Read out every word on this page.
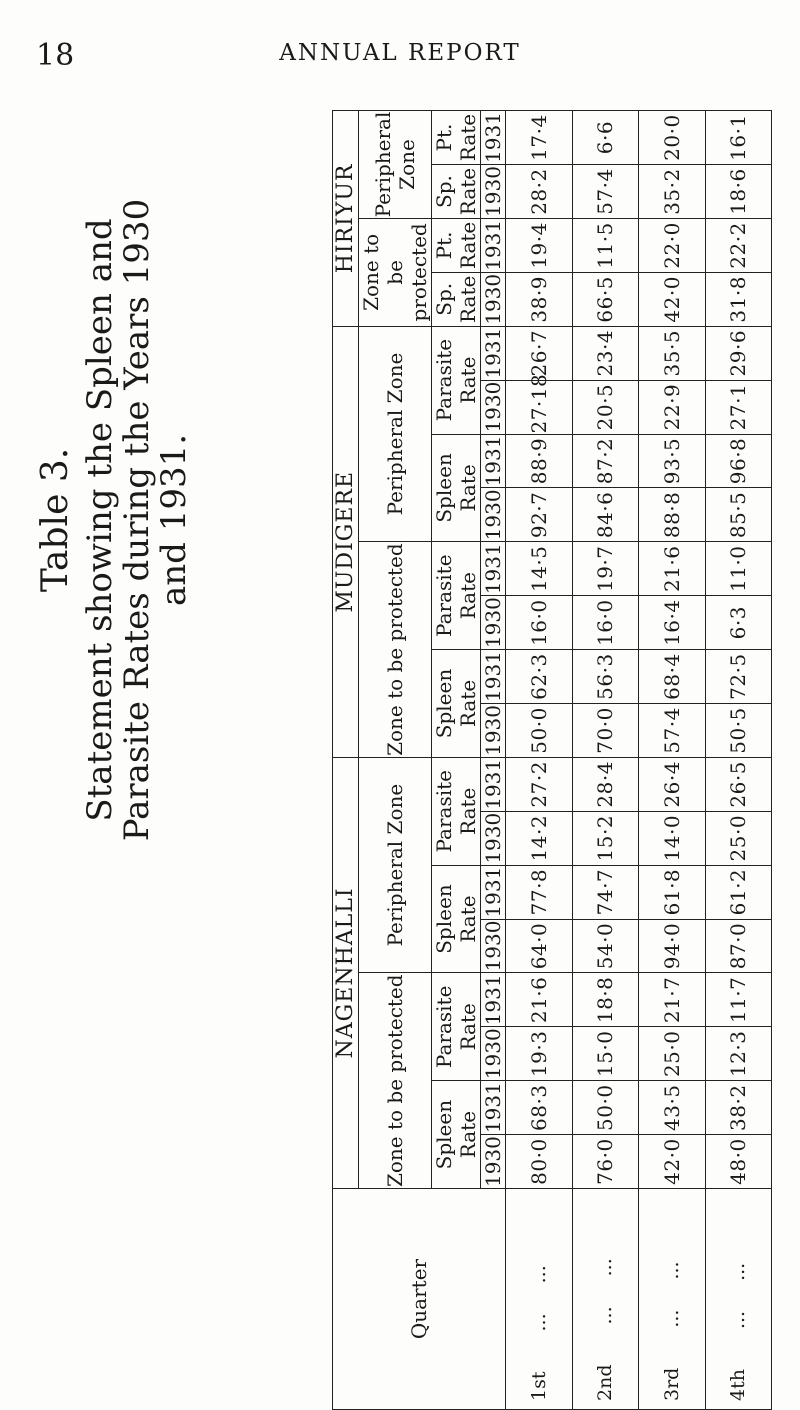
18	ANNUAL REPORT
Table 3. Statement showing the Spleen and Parasite Rates during the Years 1930 and 1931.
Quarter	NAGENHALLI								MUDIGERE								HIRIYUR			
	Zone to be protected				Peripheral Zone				Zone to be protected				Peripheral Zone				Zone to be protected		Peripheral Zone	
	Spleen Rate		Parasite Rate		Spleen Rate		Parasite Rate		Spleen Rate		Parasite Rate		Spleen Rate		Parasite Rate		Sp. Rate	Pt. Rate	Sp. Rate	Pt. Rate
	1930	1931	1930	1931	1930	1931	1930	1931	1930	1931	1930	1931	1930	1931	1930	1931	1930	1931	1930	1931
1st......	80·0	68·3	19·3	21·6	64·0	77·8	14·2	27·2	50·0	62·3	16·0	14·5	92·7	88·9	27·18	26·7	38·9	19·4	28·2	17·4
2nd......	76·0	50·0	15·0	18·8	54·0	74·7	15·2	28·4	70·0	56·3	16·0	19·7	84·6	87·2	20·5	23·4	66·5	11·5	57·4	6·6
3rd......	42·0	43·5	25·0	21·7	94·0	61·8	14·0	26·4	57·4	68·4	16·4	21·6	88·8	93·5	22·9	35·5	42·0	22·0	35·2	20·0
4th......	48·0	38·2	12·3	11·7	87·0	61·2	25·0	26·5	50·5	72·5	6·3	11·0	85·5	96·8	27·1	29·6	31·8	22·2	18·6	16·1
